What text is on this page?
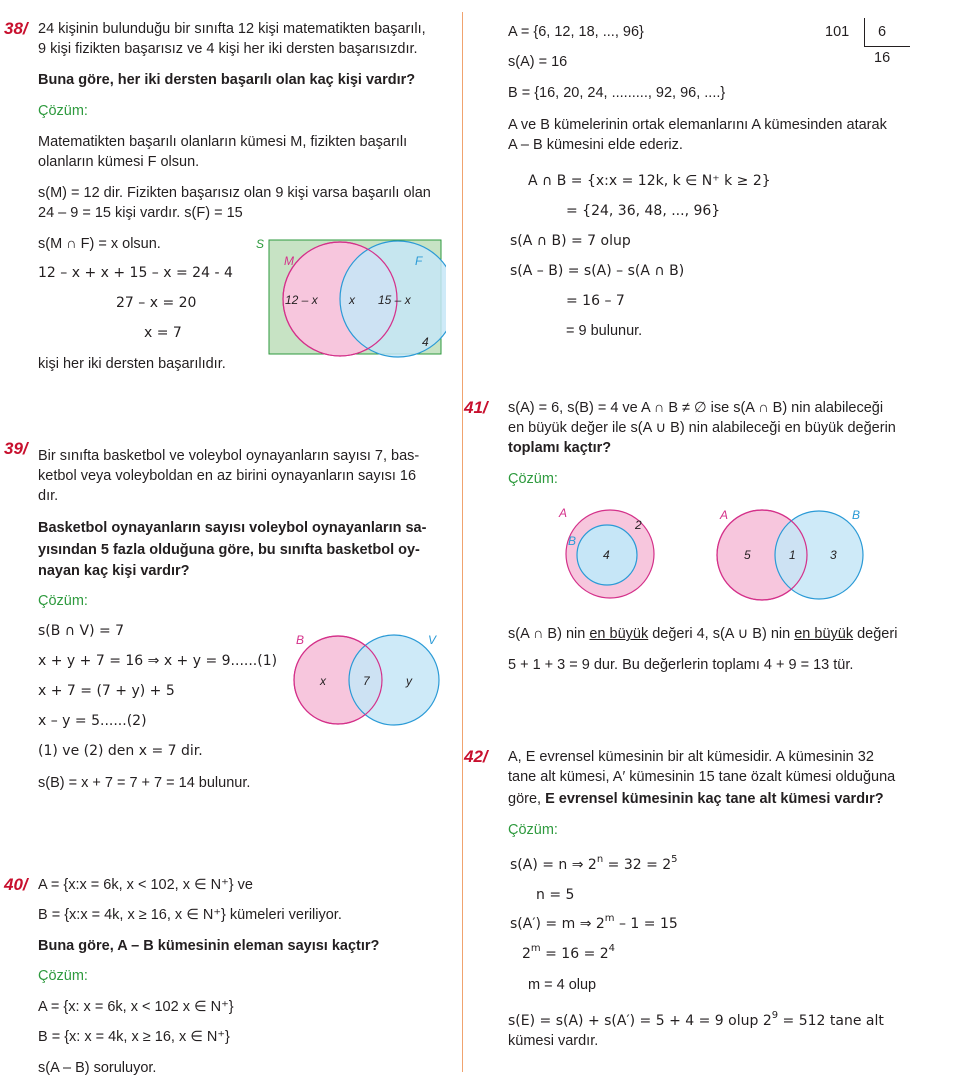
38/ 24 kişinin bulunduğu bir sınıfta 12 kişi matematikten başarılı,
9 kişi fizikten başarısız ve 4 kişi her iki dersten başarısızdır.
Buna göre, her iki dersten başarılı olan kaç kişi vardır?
Çözüm:
Matematikten başarılı olanların kümesi M, fizikten başarılı
olanların kümesi F olsun.
s(M) = 12 dir. Fizikten başarısız olan 9 kişi varsa başarılı olan
24 – 9 = 15 kişi vardır. s(F) = 15
s(M ∩ F) = x olsun.
12 – x + x + 15 – x = 24 - 4
27 – x = 20
x = 7
kişi her iki dersten başarılıdır.
S
M	F
12 – x	x 15 – x
4
39/ Bir sınıfta basketbol ve voleybol oynayanların sayısı 7, bas-
ketbol veya voleyboldan en az birini oynayanların sayısı 16
dır.
Basketbol oynayanların sayısı voleybol oynayanların sa-
yısından 5 fazla olduğuna göre, bu sınıfta basketbol oy-
nayan kaç kişi vardır?
Çözüm:
s(B ∩ V) = 7
x + y + 7 = 16 ⇒ x + y = 9......(1)
x + 7 = (7 + y) + 5
x – y = 5......(2)
(1) ve (2) den x = 7 dir.
s(B) = x + 7 = 7 + 7 = 14 bulunur.
B	V
x	7	y
40/ A = {x:x = 6k, x < 102, x ∈ N⁺} ve
B = {x:x = 4k, x ≥ 16, x ∈ N⁺} kümeleri veriliyor.
Buna göre, A – B kümesinin eleman sayısı kaçtır?
Çözüm:
A = {x: x = 6k, x < 102 x ∈ N⁺}
B = {x: x = 4k, x ≥ 16, x ∈ N⁺}
s(A – B) soruluyor.
A = {6, 12, 18, ..., 96}
s(A) = 16
B = {16, 20, 24, ........., 92, 96, ....}
A ve B kümelerinin ortak elemanlarını A kümesinden atarak
A – B kümesini elde ederiz.
A ∩ B = {x:x = 12k, k ∈ N⁺ k ≥ 2}
= {24, 36, 48, ..., 96}
s(A ∩ B) = 7 olup
s(A – B) = s(A) – s(A ∩ B)
= 16 – 7
= 9 bulunur.
101 6
16
41/ s(A) = 6, s(B) = 4 ve A ∩ B ≠ ∅ ise s(A ∩ B) nin alabileceği
en büyük değer ile s(A ∪ B) nin alabileceği en büyük değerin
toplamı kaçtır?
Çözüm:
A
B
4
2
A	B
5	1	3
s(A ∩ B) nin en büyük değeri 4, s(A ∪ B) nin en büyük değeri
5 + 1 + 3 = 9 dur. Bu değerlerin toplamı 4 + 9 = 13 tür.
42/ A, E evrensel kümesinin bir alt kümesidir. A kümesinin 32
tane alt kümesi, A′ kümesinin 15 tane özalt kümesi olduğuna
göre, E evrensel kümesinin kaç tane alt kümesi vardır?
Çözüm:
s(A) = n ⇒ $2^n = 32 = 2^5$
n = 5
s(A′) = m ⇒ 2$^m$ – 1 = 15
$2^m = 16 = 2^4$
m = 4 olup
s(E) = s(A) + s(A′) = 5 + 4 = 9 olup $2^9 = 512$ tane alt
kümesi vardır.
